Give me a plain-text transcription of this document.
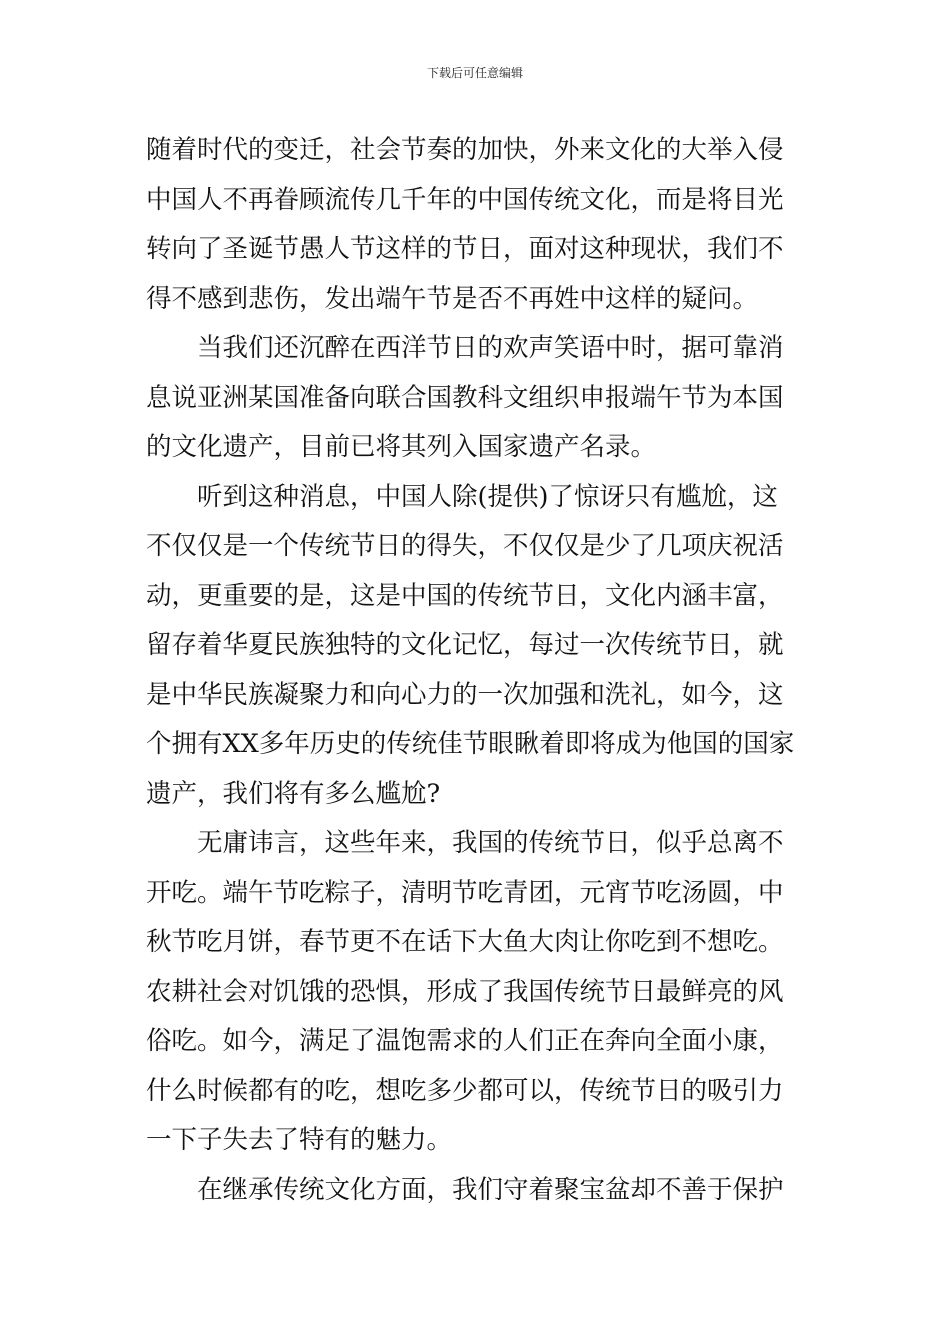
下载后可任意编辑
随着时代的变迁，社会节奏的加快，外来文化的大举入侵
中国人不再眷顾流传几千年的中国传统文化，而是将目光
转向了圣诞节愚人节这样的节日，面对这种现状，我们不
得不感到悲伤，发出端午节是否不再姓中这样的疑问。
当我们还沉醉在西洋节日的欢声笑语中时，据可靠消
息说亚洲某国准备向联合国教科文组织申报端午节为本国
的文化遗产，目前已将其列入国家遗产名录。
听到这种消息，中国人除(提供)了惊讶只有尴尬，这
不仅仅是一个传统节日的得失，不仅仅是少了几项庆祝活
动，更重要的是，这是中国的传统节日，文化内涵丰富，
留存着华夏民族独特的文化记忆，每过一次传统节日，就
是中华民族凝聚力和向心力的一次加强和洗礼，如今，这
个拥有XX多年历史的传统佳节眼瞅着即将成为他国的国家
遗产，我们将有多么尴尬?
无庸讳言，这些年来，我国的传统节日，似乎总离不
开吃。端午节吃粽子，清明节吃青团，元宵节吃汤圆，中
秋节吃月饼，春节更不在话下大鱼大肉让你吃到不想吃。
农耕社会对饥饿的恐惧，形成了我国传统节日最鲜亮的风
俗吃。如今，满足了温饱需求的人们正在奔向全面小康，
什么时候都有的吃，想吃多少都可以，传统节日的吸引力
一下子失去了特有的魅力。
在继承传统文化方面，我们守着聚宝盆却不善于保护
